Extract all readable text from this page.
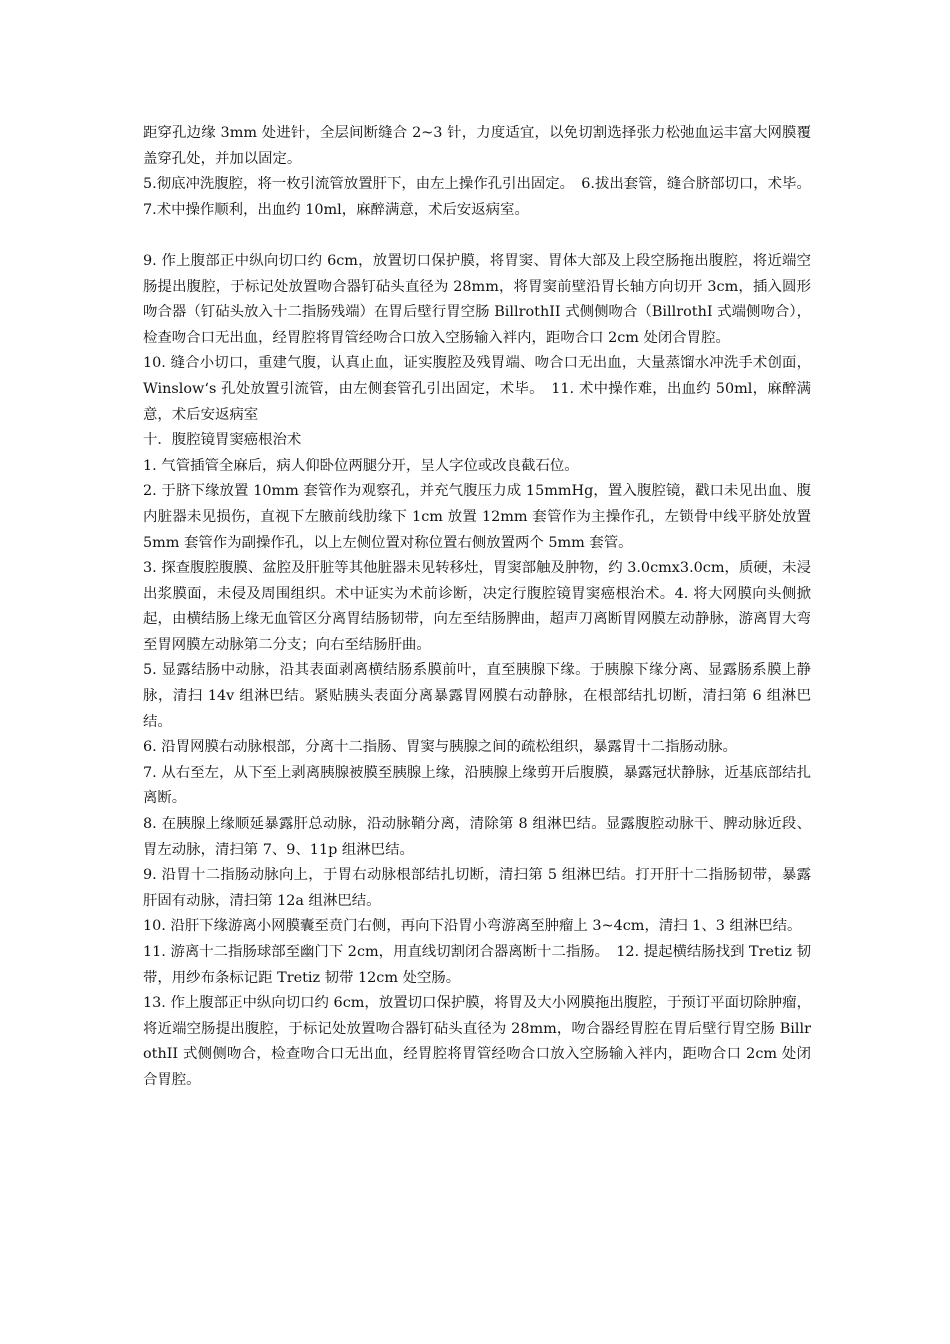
距穿孔边缘 3mm 处进针，全层间断缝合 2~3 针，力度适宜，以免切割选择张力松弛血运丰富大网膜覆盖穿孔处，并加以固定。

5.彻底冲洗腹腔，将一枚引流管放置肝下，由左上操作孔引出固定。　6.拔出套管，缝合脐部切口，术毕。

7.术中操作顺利，出血约 10ml，麻醉满意，术后安返病室。

9. 作上腹部正中纵向切口约 6cm，放置切口保护膜，将胃窦、胃体大部及上段空肠拖出腹腔，将近端空肠提出腹腔，于标记处放置吻合器钉砧头直径为 28mm，将胃窦前壁沿胃长轴方向切开 3cm，插入圆形吻合器（钉砧头放入十二指肠残端）在胃后壁行胃空肠 BillrothII 式侧侧吻合（BillrothI 式端侧吻合），检查吻合口无出血，经胃腔将胃管经吻合口放入空肠输入袢内，距吻合口 2cm 处闭合胃腔。

10. 缝合小切口，重建气腹，认真止血，证实腹腔及残胃端、吻合口无出血，大量蒸馏水冲洗手术创面，Winslow‘s 孔处放置引流管，由左侧套管孔引出固定，术毕。　11. 术中操作难，出血约 50ml，麻醉满意，术后安返病室

十．腹腔镜胃窦癌根治术

1. 气管插管全麻后，病人仰卧位两腿分开，呈人字位或改良截石位。

2. 于脐下缘放置 10mm 套管作为观察孔，并充气腹压力成 15mmHg，置入腹腔镜，戳口未见出血、腹内脏器未见损伤，直视下左腋前线肋缘下 1cm 放置 12mm 套管作为主操作孔，左锁骨中线平脐处放置 5mm 套管作为副操作孔，以上左侧位置对称位置右侧放置两个 5mm 套管。

3. 探查腹腔腹膜、盆腔及肝脏等其他脏器未见转移灶，胃窦部触及肿物，约 3.0cmx3.0cm，质硬，未浸出浆膜面，未侵及周围组织。术中证实为术前诊断，决定行腹腔镜胃窦癌根治术。4. 将大网膜向头侧掀起，由横结肠上缘无血管区分离胃结肠韧带，向左至结肠脾曲，超声刀离断胃网膜左动静脉，游离胃大弯至胃网膜左动脉第二分支；向右至结肠肝曲。

5. 显露结肠中动脉，沿其表面剥离横结肠系膜前叶，直至胰腺下缘。于胰腺下缘分离、显露肠系膜上静脉，清扫 14v 组淋巴结。紧贴胰头表面分离暴露胃网膜右动静脉，在根部结扎切断，清扫第 6 组淋巴结。

6. 沿胃网膜右动脉根部，分离十二指肠、胃窦与胰腺之间的疏松组织，暴露胃十二指肠动脉。

7. 从右至左，从下至上剥离胰腺被膜至胰腺上缘，沿胰腺上缘剪开后腹膜，暴露冠状静脉，近基底部结扎离断。

8. 在胰腺上缘顺延暴露肝总动脉，沿动脉鞘分离，清除第 8 组淋巴结。显露腹腔动脉干、脾动脉近段、胃左动脉，清扫第 7、9、11p 组淋巴结。

9. 沿胃十二指肠动脉向上，于胃右动脉根部结扎切断，清扫第 5 组淋巴结。打开肝十二指肠韧带，暴露肝固有动脉，清扫第 12a 组淋巴结。

10. 沿肝下缘游离小网膜囊至贲门右侧，再向下沿胃小弯游离至肿瘤上 3~4cm，清扫 1、3 组淋巴结。

11. 游离十二指肠球部至幽门下 2cm，用直线切割闭合器离断十二指肠。　12. 提起横结肠找到 Tretiz 韧带，用纱布条标记距 Tretiz 韧带 12cm 处空肠。

13. 作上腹部正中纵向切口约 6cm，放置切口保护膜，将胃及大小网膜拖出腹腔，于预订平面切除肿瘤，将近端空肠提出腹腔，于标记处放置吻合器钉砧头直径为 28mm，吻合器经胃腔在胃后壁行胃空肠 BillrothII 式侧侧吻合，检查吻合口无出血，经胃腔将胃管经吻合口放入空肠输入袢内，距吻合口 2cm 处闭合胃腔。
